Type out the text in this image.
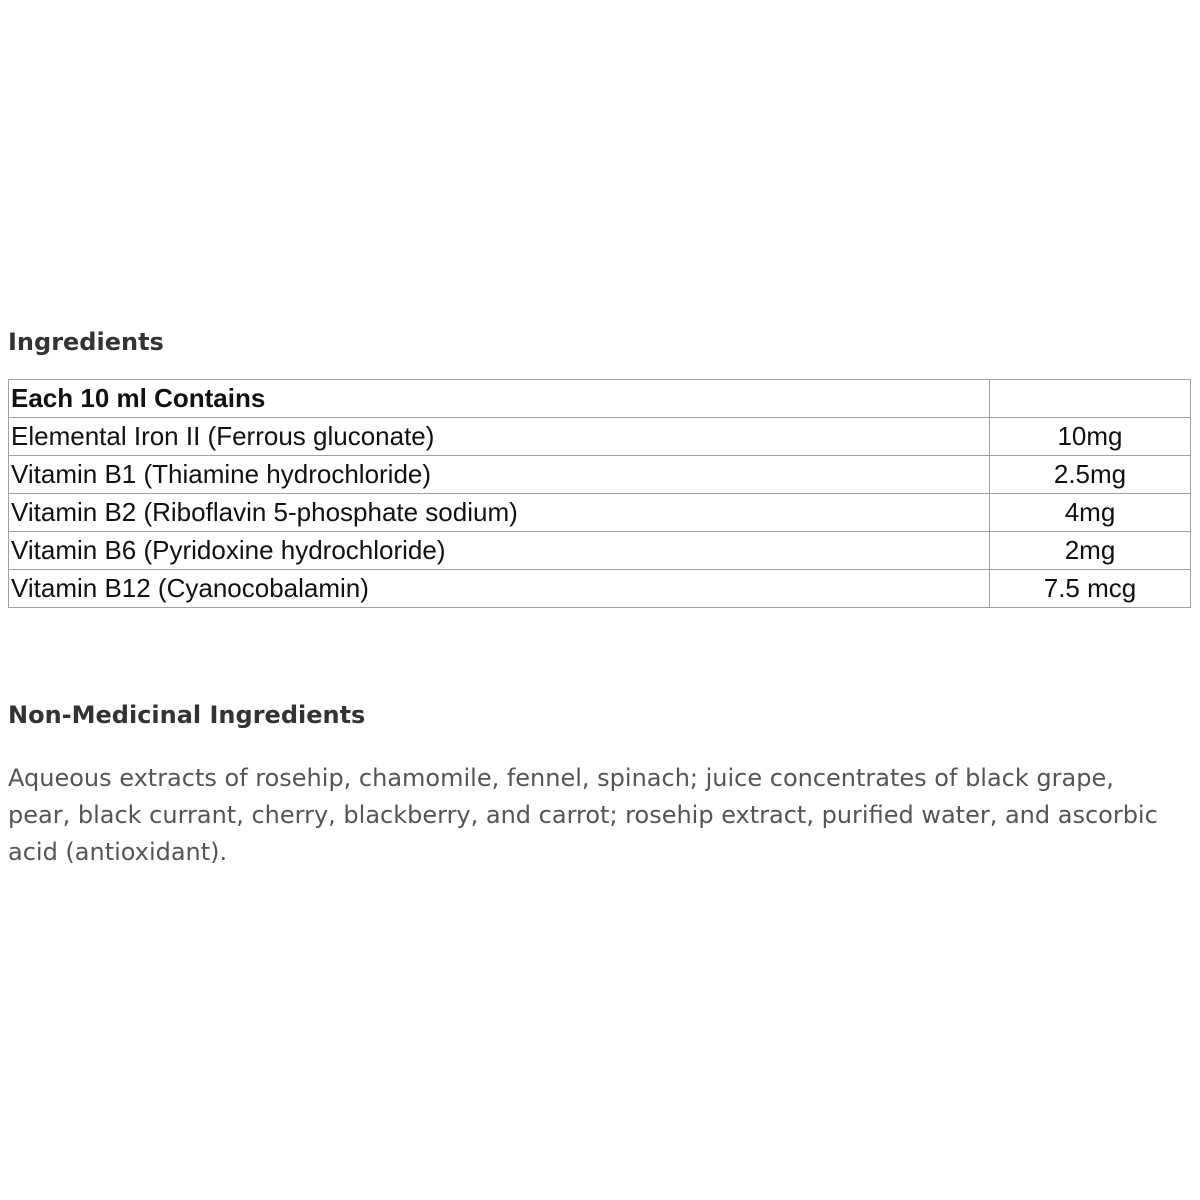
Ingredients
Each 10 ml Contains	
Elemental Iron II (Ferrous gluconate)	10mg
Vitamin B1 (Thiamine hydrochloride)	2.5mg
Vitamin B2 (Riboflavin 5-phosphate sodium)	4mg
Vitamin B6 (Pyridoxine hydrochloride)	2mg
Vitamin B12 (Cyanocobalamin)	7.5 mcg
Non-Medicinal Ingredients

Aqueous extracts of rosehip, chamomile, fennel, spinach; juice concentrates of black grape, pear, black currant, cherry, blackberry, and carrot; rosehip extract, purified water, and ascorbic acid (antioxidant).
